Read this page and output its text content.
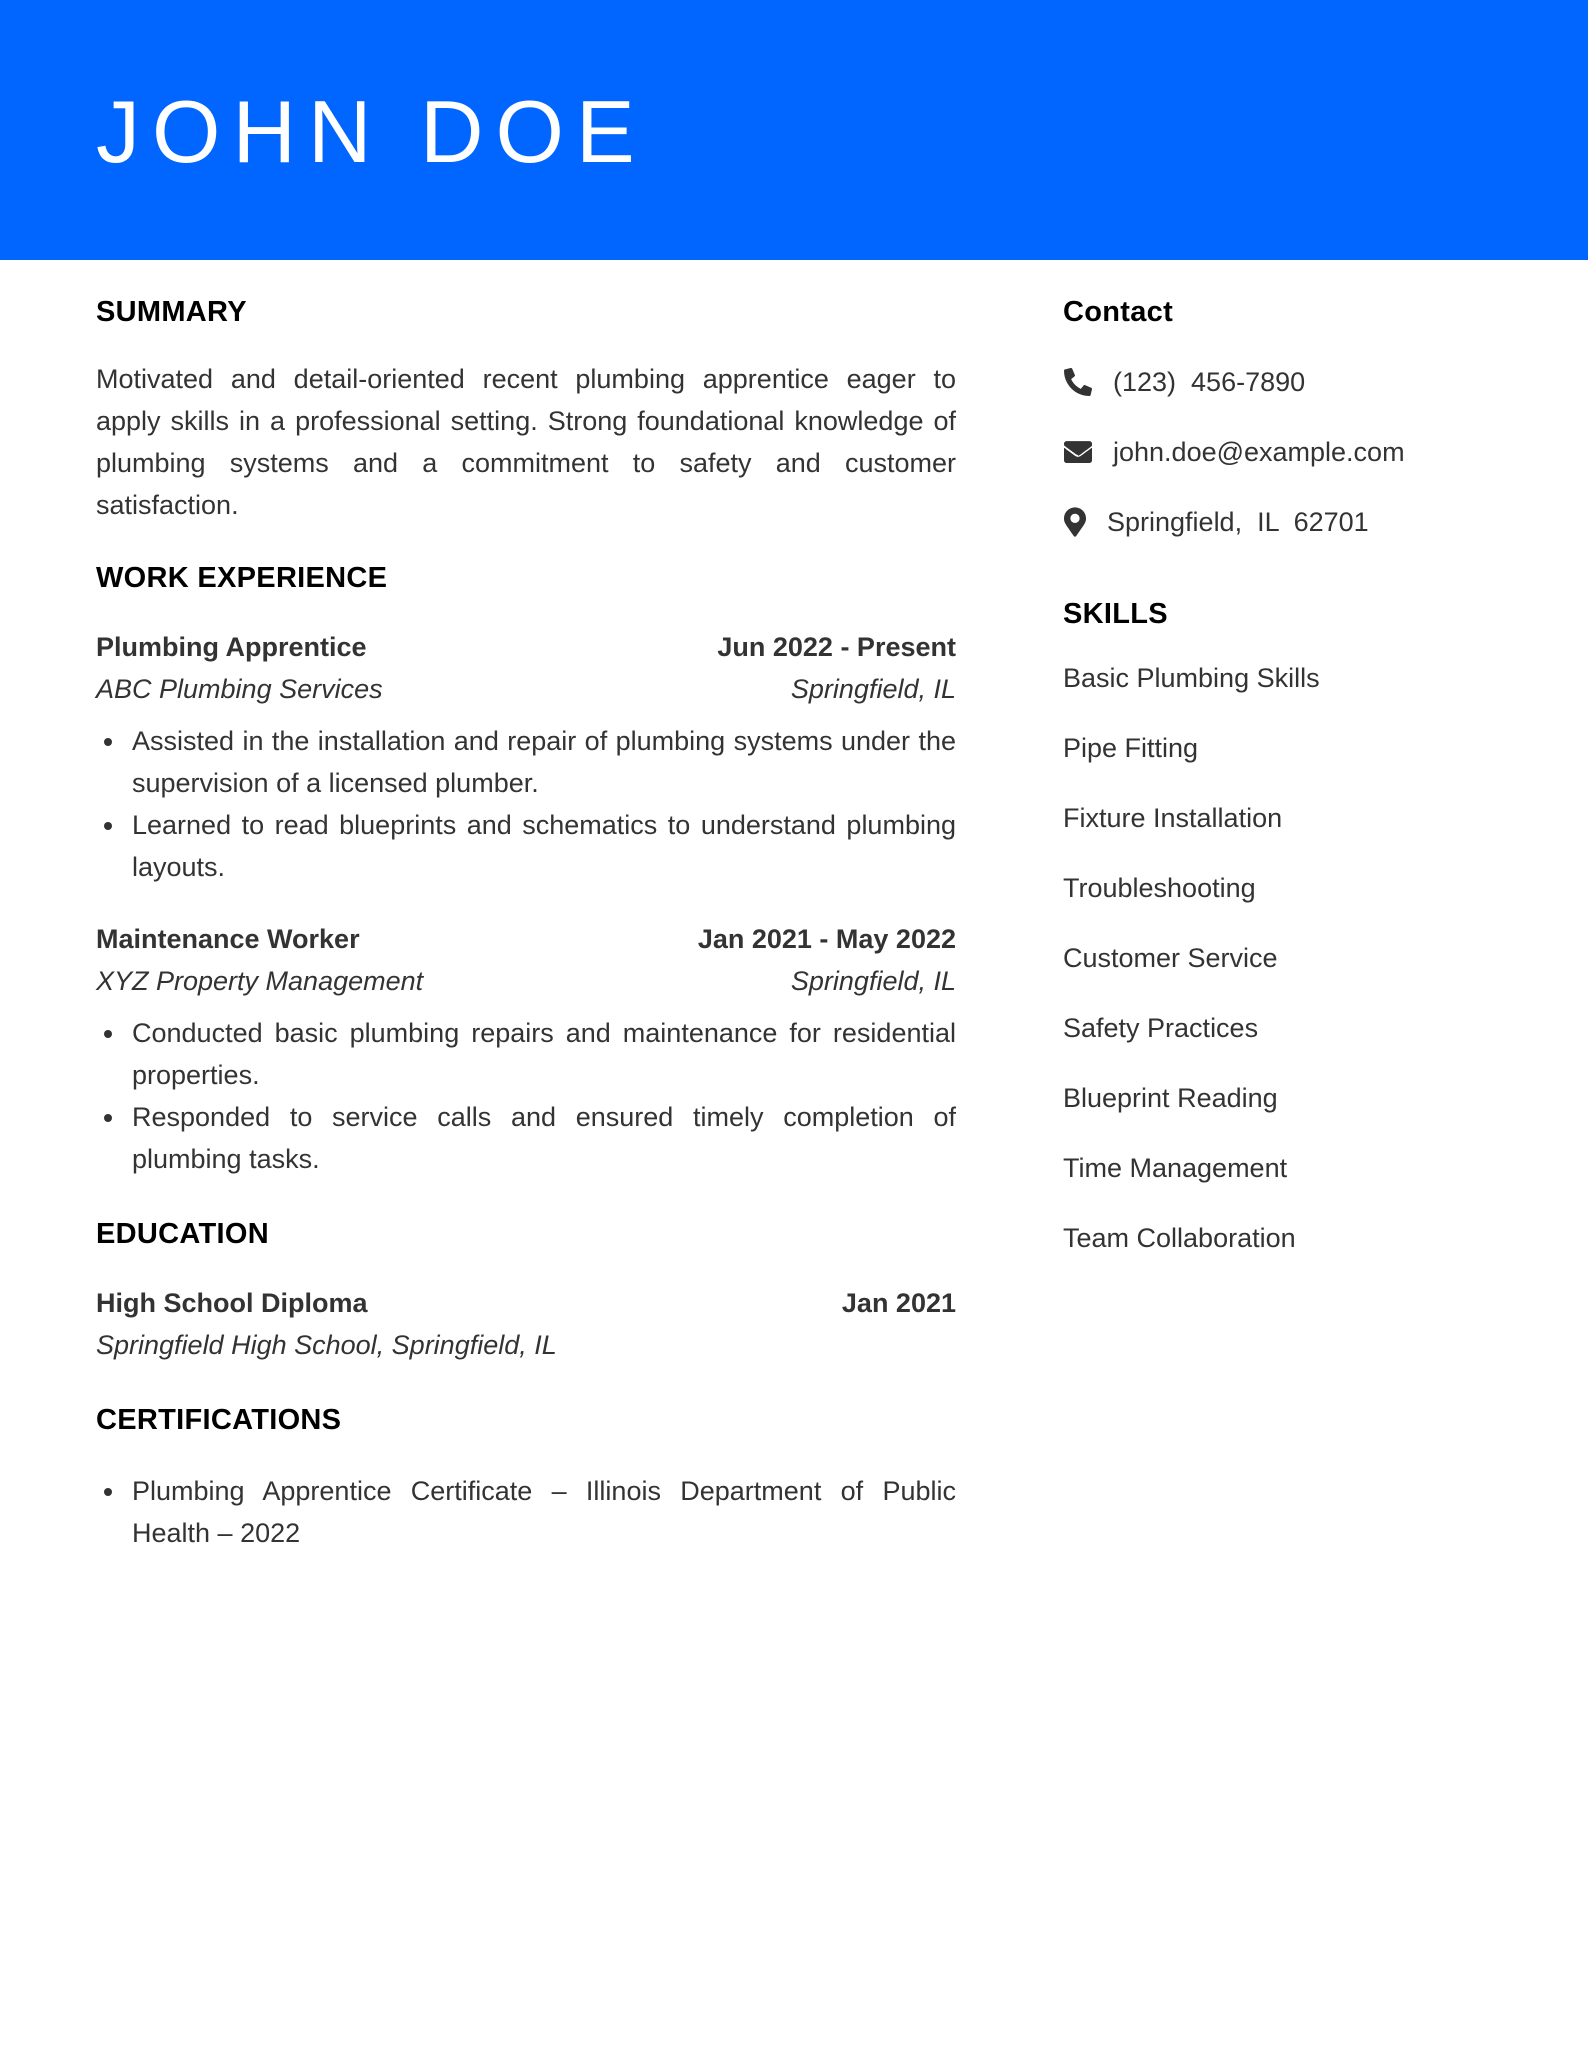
JOHN DOE
SUMMARY

Motivated and detail-oriented recent plumbing apprentice eager to apply skills in a professional setting. Strong foundational knowledge of plumbing systems and a commitment to safety and customer satisfaction.

WORK EXPERIENCE
Plumbing Apprentice	Jun 2022 - Present
ABC Plumbing Services	Springfield, IL
Assisted in the installation and repair of plumbing systems under the supervision of a licensed plumber.
Learned to read blueprints and schematics to understand plumbing layouts.
Maintenance Worker	Jan 2021 - May 2022
XYZ Property Management	Springfield, IL
Conducted basic plumbing repairs and maintenance for residential properties.
Responded to service calls and ensured timely completion of plumbing tasks.
EDUCATION
High School Diploma	Jan 2021
Springfield High School, Springfield, IL
CERTIFICATIONS
Plumbing Apprentice Certificate – Illinois Department of Public Health – 2022
Contact
(123)  456-7890
john.doe@example.com
Springfield,  IL  62701
SKILLS
Basic Plumbing Skills
Pipe Fitting
Fixture Installation
Troubleshooting
Customer Service
Safety Practices
Blueprint Reading
Time Management
Team Collaboration
